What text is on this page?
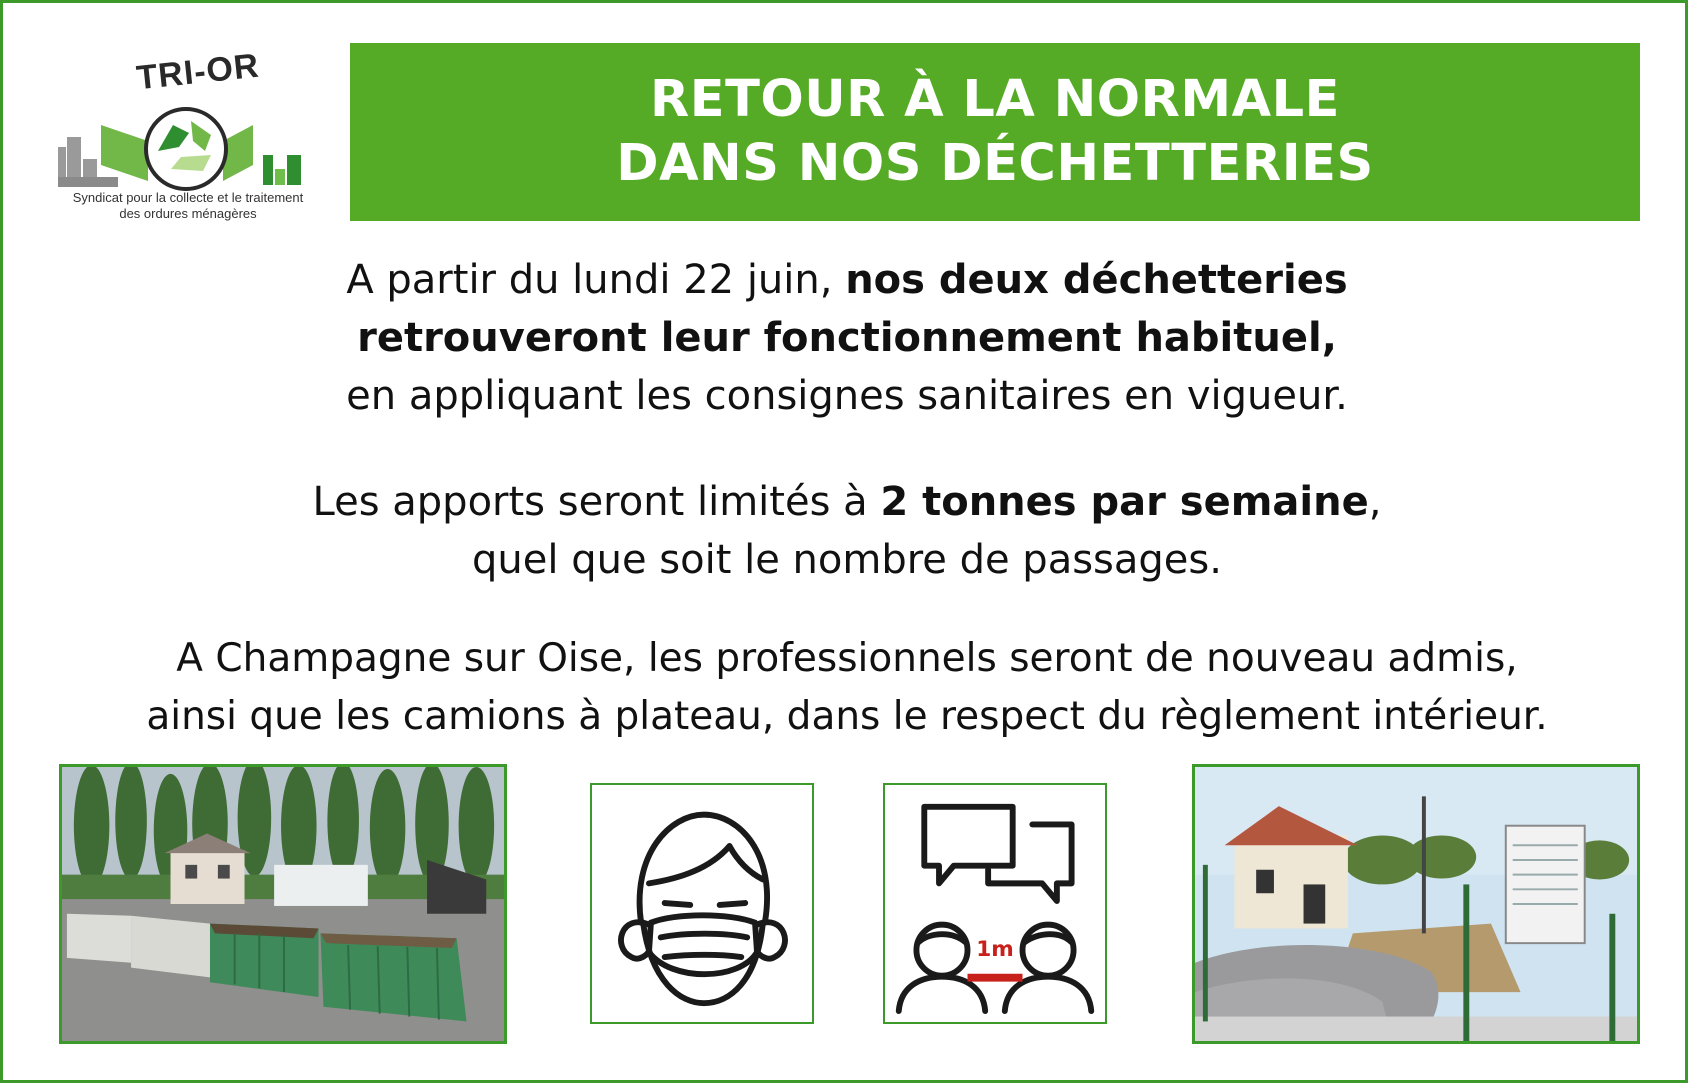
TRI-OR
Syndicat pour la collecte et le traitement
des ordures ménagères
RETOUR À LA NORMALE
DANS NOS DÉCHETTERIES
A partir du lundi 22 juin, nos deux déchetteries
retrouveront leur fonctionnement habituel,
en appliquant les consignes sanitaires en vigueur.
Les apports seront limités à 2 tonnes par semaine,
quel que soit le nombre de passages.
A Champagne sur Oise, les professionnels seront de nouveau admis,
ainsi que les camions à plateau, dans le respect du règlement intérieur.
1m
